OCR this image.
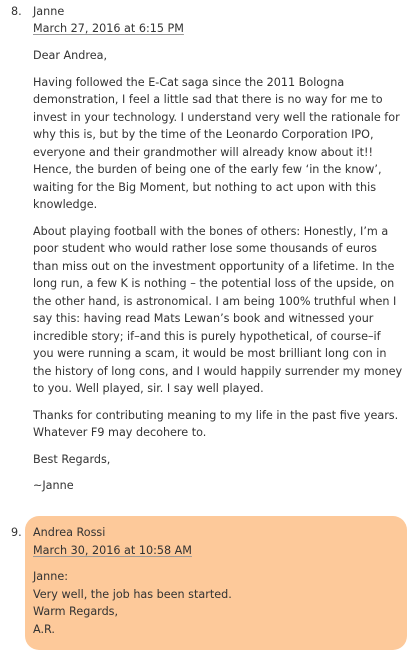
8.	Janne
March 27, 2016 at 6:15 PM

Dear Andrea,

Having followed the E-Cat saga since the 2011 Bologna demonstration, I feel a little sad that there is no way for me to invest in your technology. I understand very well the rationale for why this is, but by the time of the Leonardo Corporation IPO, everyone and their grandmother will already know about it!! Hence, the burden of being one of the early few ‘in the know’, waiting for the Big Moment, but nothing to act upon with this knowledge.

About playing football with the bones of others: Honestly, I’m a poor student who would rather lose some thousands of euros than miss out on the investment opportunity of a lifetime. In the long run, a few K is nothing – the potential loss of the upside, on the other hand, is astronomical. I am being 100% truthful when I say this: having read Mats Lewan’s book and witnessed your incredible story; if–and this is purely hypothetical, of course–if you were running a scam, it would be most brilliant long con in the history of long cons, and I would happily surrender my money to you. Well played, sir. I say well played.

Thanks for contributing meaning to my life in the past five years. Whatever F9 may decohere to.

Best Regards,

~Janne

9.	Andrea Rossi
March 30, 2016 at 10:58 AM

Janne:

Very well, the job has been started.

Warm Regards,

A.R.
